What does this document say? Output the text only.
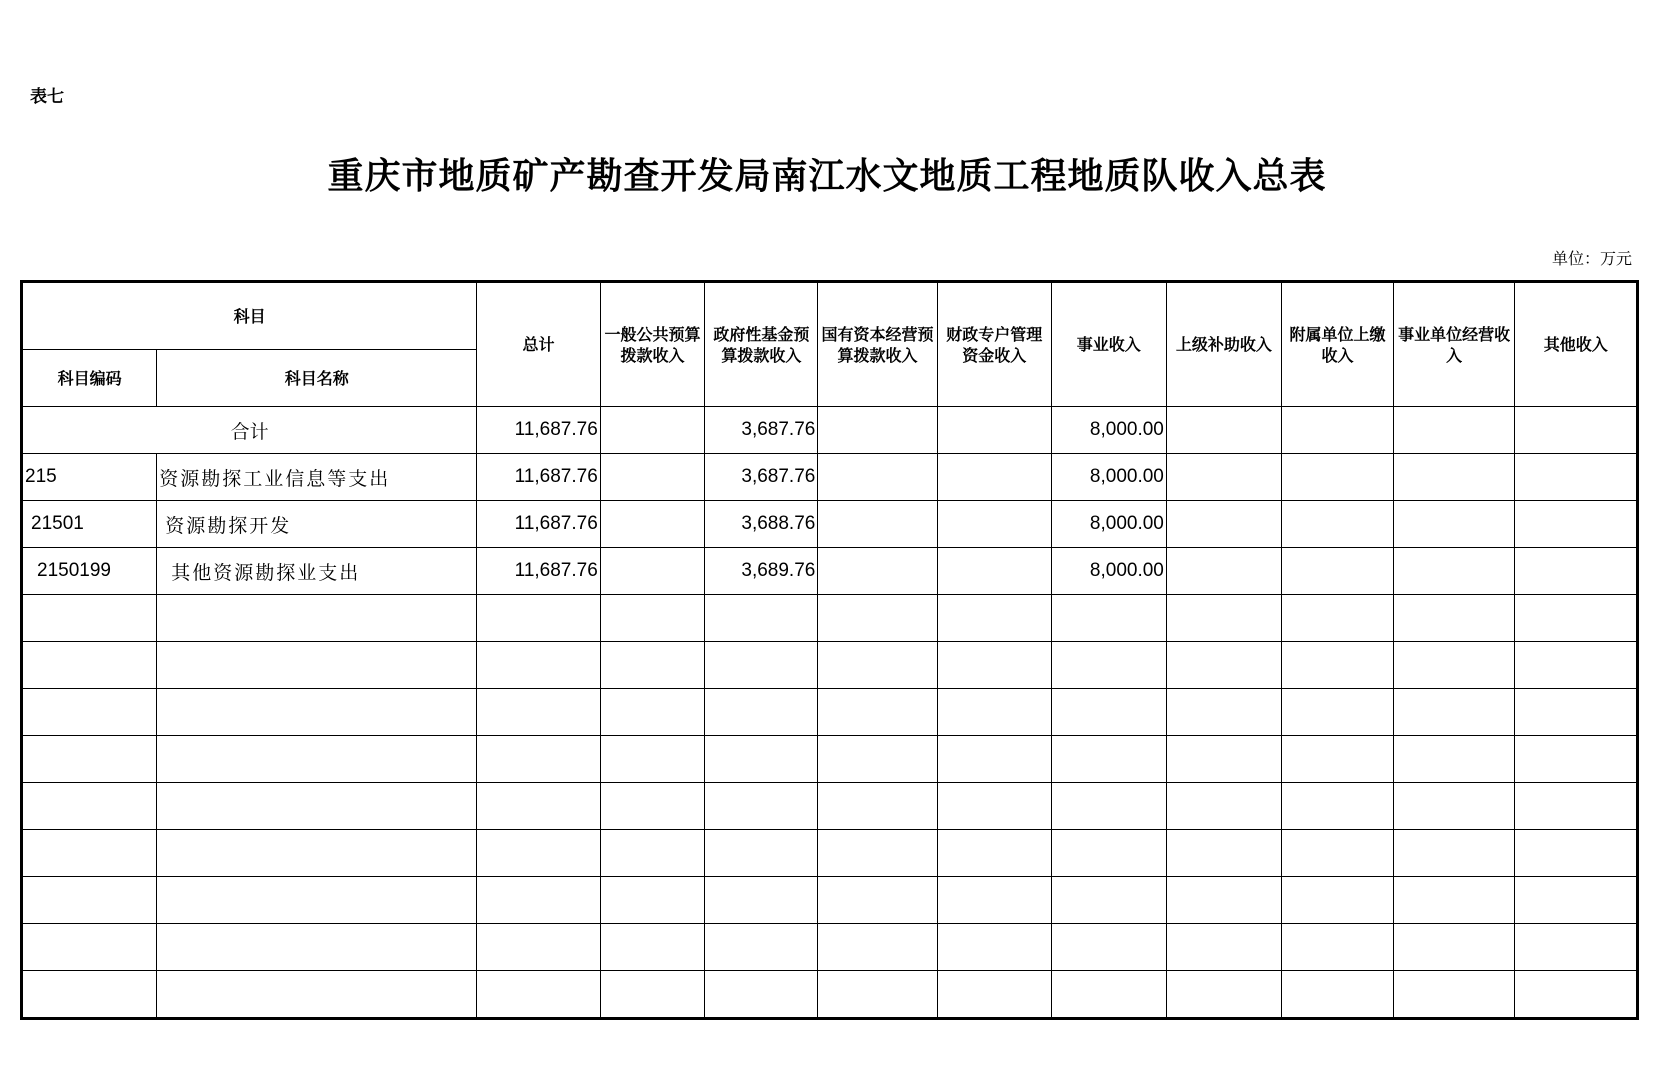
表七
重庆市地质矿产勘查开发局南江水文地质工程地质队收入总表
单位：万元
科目		总计	一般公共预算拨款收入	政府性基金预算拨款收入	国有资本经营预算拨款收入	财政专户管理资金收入	事业收入	上级补助收入	附属单位上缴收入	事业单位经营收入	其他收入
科目编码	科目名称										
合计		11,687.76		3,687.76			8,000.00				
215	资源勘探工业信息等支出	11,687.76		3,687.76			8,000.00				
21501	资源勘探开发	11,687.76		3,688.76			8,000.00				
2150199	其他资源勘探业支出	11,687.76		3,689.76			8,000.00				
